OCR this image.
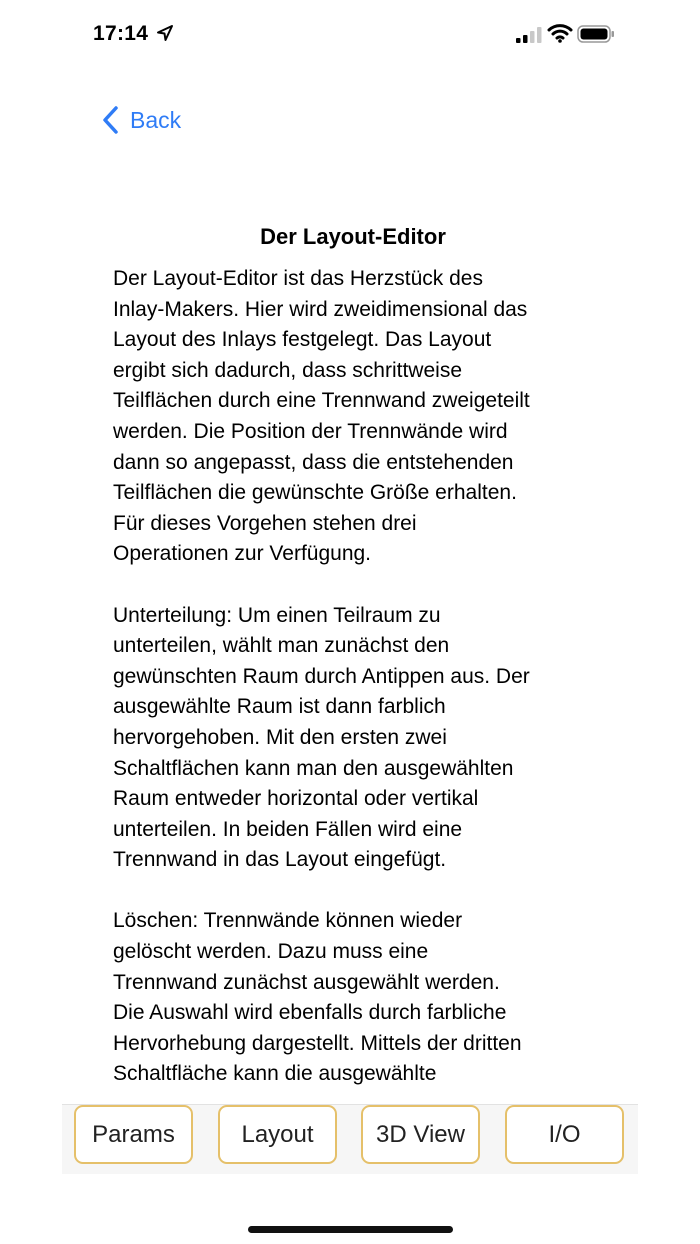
17:14
Back
Der Layout-Editor

Der Layout-Editor ist das Herzstück des
Inlay-Makers. Hier wird zweidimensional das
Layout des Inlays festgelegt. Das Layout
ergibt sich dadurch, dass schrittweise
Teilflächen durch eine Trennwand zweigeteilt
werden. Die Position der Trennwände wird
dann so angepasst, dass die entstehenden
Teilflächen die gewünschte Größe erhalten.
Für dieses Vorgehen stehen drei
Operationen zur Verfügung.

Unterteilung: Um einen Teilraum zu
unterteilen, wählt man zunächst den
gewünschten Raum durch Antippen aus. Der
ausgewählte Raum ist dann farblich
hervorgehoben. Mit den ersten zwei
Schaltflächen kann man den ausgewählten
Raum entweder horizontal oder vertikal
unterteilen. In beiden Fällen wird eine
Trennwand in das Layout eingefügt.

Löschen: Trennwände können wieder
gelöscht werden. Dazu muss eine
Trennwand zunächst ausgewählt werden.
Die Auswahl wird ebenfalls durch farbliche
Hervorhebung dargestellt. Mittels der dritten
Schaltfläche kann die ausgewählte

Params	Layout	3D View	I/O
